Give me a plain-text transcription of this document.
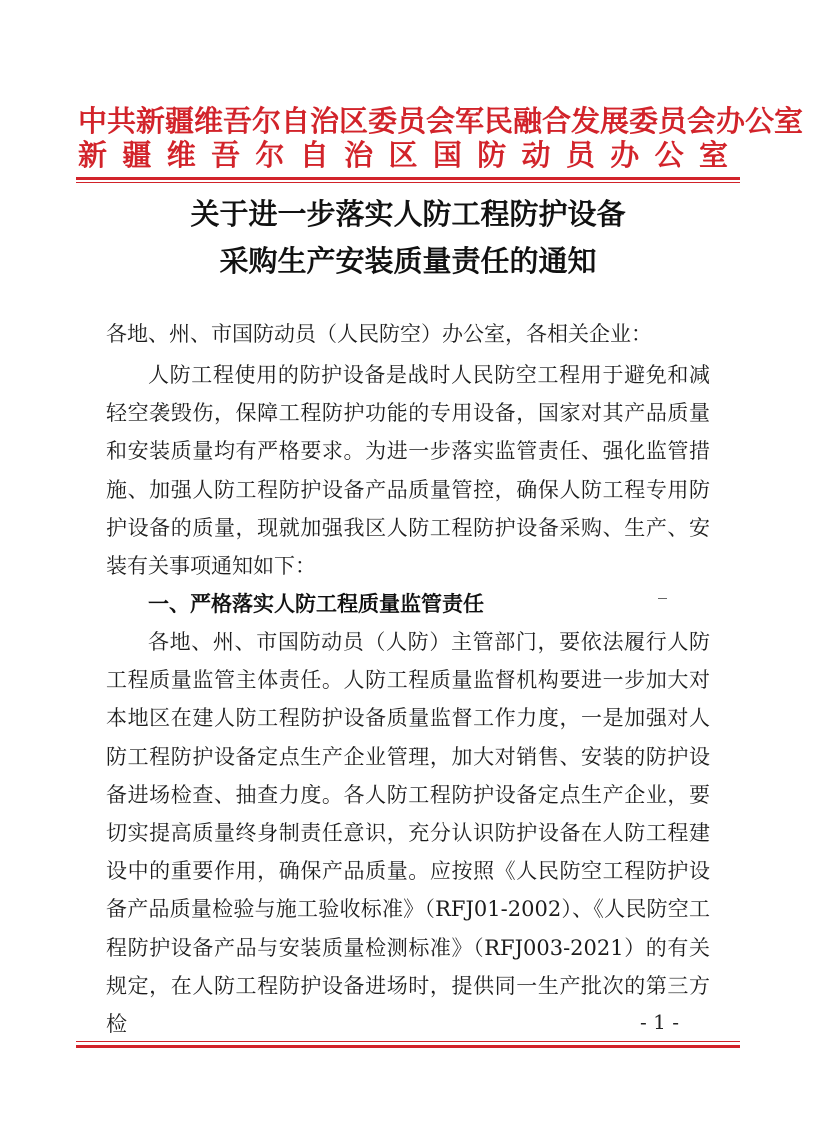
中共新疆维吾尔自治区委员会军民融合发展委员会办公室
新疆维吾尔自治区国防动员办公室
关于进一步落实人防工程防护设备
采购生产安装质量责任的通知
各地、州、市国防动员（人民防空）办公室，各相关企业：
人防工程使用的防护设备是战时人民防空工程用于避免和减轻空袭毁伤，保障工程防护功能的专用设备，国家对其产品质量和安装质量均有严格要求。为进一步落实监管责任、强化监管措施、加强人防工程防护设备产品质量管控，确保人防工程专用防护设备的质量，现就加强我区人防工程防护设备采购、生产、安装有关事项通知如下：
一、严格落实人防工程质量监管责任
各地、州、市国防动员（人防）主管部门，要依法履行人防工程质量监管主体责任。人防工程质量监督机构要进一步加大对本地区在建人防工程防护设备质量监督工作力度，一是加强对人防工程防护设备定点生产企业管理，加大对销售、安装的防护设备进场检查、抽查力度。各人防工程防护设备定点生产企业，要切实提高质量终身制责任意识，充分认识防护设备在人防工程建设中的重要作用，确保产品质量。应按照《人民防空工程防护设备产品质量检验与施工验收标准》（RFJ01-2002）、《人民防空工程防护设备产品与安装质量检测标准》（RFJ003-2021）的有关规定，在人防工程防护设备进场时，提供同一生产批次的第三方检	- 1 -
